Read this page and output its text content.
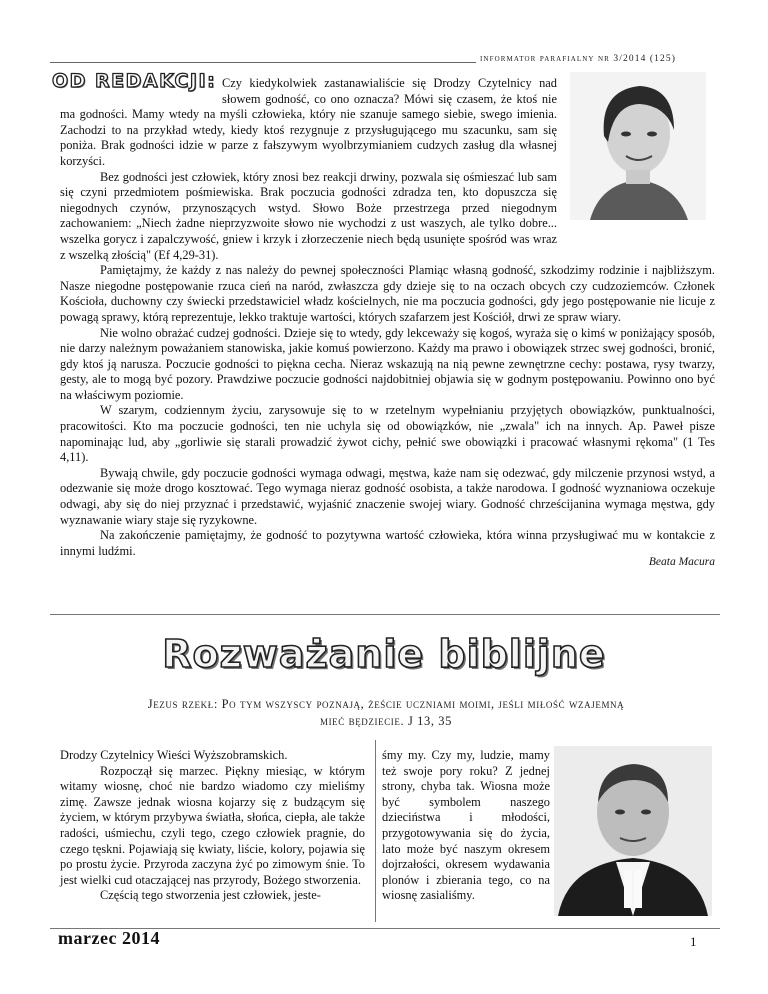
informator parafialny nr 3/2014 (125)
OD REDAKCJI: Czy kiedykolwiek zastanawialiście się Drodzy Czytelnicy nad słowem godność, co ono oznacza? Mówi się czasem, że ktoś nie ma godności. Mamy wtedy na myśli człowieka, który nie szanuje samego siebie, swego imienia. Zachodzi to na przykład wtedy, kiedy ktoś rezygnuje z przysługującego mu szacunku, sam się poniża. Brak godności idzie w parze z fałszywym wyolbrzymianiem cudzych zasług dla własnej korzyści.

Bez godności jest człowiek, który znosi bez reakcji drwiny, pozwala się ośmieszać lub sam się czyni przedmiotem pośmiewiska. Brak poczucia godności zdradza ten, kto dopuszcza się niegodnych czynów, przynoszących wstyd. Słowo Boże przestrzega przed niegodnym zachowaniem: „Niech żadne nieprzyzwoite słowo nie wychodzi z ust waszych, ale tylko dobre... wszelka gorycz i zapalczywość, gniew i krzyk i złorzeczenie niech będą usunięte spośród was wraz z wszelką złością" (Ef 4,29-31).

Pamiętajmy, że każdy z nas należy do pewnej społeczności Plamiąc własną godność, szkodzimy rodzinie i najbliższym. Nasze niegodne postępowanie rzuca cień na naród, zwłaszcza gdy dzieje się to na oczach obcych czy cudzoziemców. Członek Kościoła, duchowny czy świecki przedstawiciel władz kościelnych, nie ma poczucia godności, gdy jego postępowanie nie licuje z powagą sprawy, którą reprezentuje, lekko traktuje wartości, których szafarzem jest Kościół, drwi ze spraw wiary.

Nie wolno obrażać cudzej godności. Dzieje się to wtedy, gdy lekceważy się kogoś, wyraża się o kimś w poniżający sposób, nie darzy należnym poważaniem stanowiska, jakie komuś powierzono. Każdy ma prawo i obowiązek strzec swej godności, bronić, gdy ktoś ją narusza. Poczucie godności to piękna cecha. Nieraz wskazują na nią pewne zewnętrzne cechy: postawa, rysy twarzy, gesty, ale to mogą być pozory. Prawdziwe poczucie godności najdobitniej objawia się w godnym postępowaniu. Powinno ono być na właściwym poziomie.

W szarym, codziennym życiu, zarysowuje się to w rzetelnym wypełnianiu przyjętych obowiązków, punktualności, pracowitości. Kto ma poczucie godności, ten nie uchyla się od obowiązków, nie „zwala" ich na innych. Ap. Paweł pisze napominając lud, aby „gorliwie się starali prowadzić żywot cichy, pełnić swe obowiązki i pracować własnymi rękoma" (1 Tes 4,11).

Bywają chwile, gdy poczucie godności wymaga odwagi, męstwa, każe nam się odezwać, gdy milczenie przynosi wstyd, a odezwanie się może drogo kosztować. Tego wymaga nieraz godność osobista, a także narodowa. I godność wyznaniowa oczekuje odwagi, aby się do niej przyznać i przedstawić, wyjaśnić znaczenie swojej wiary. Godność chrześcijanina wymaga męstwa, gdy wyznawanie wiary staje się ryzykowne.

Na zakończenie pamiętajmy, że godność to pozytywna wartość człowieka, która winna przysługiwać mu w kontakcie z innymi ludźmi.

Beata Macura
Rozważanie biblijne
Jezus rzekł: Po tym wszyscy poznają, żeście uczniami moimi, jeśli miłość wzajemną
mieć będziecie. J 13, 35

Drodzy Czytelnicy Wieści Wyższobramskich.

Rozpoczął się marzec. Piękny miesiąc, w którym witamy wiosnę, choć nie bardzo wiadomo czy mieliśmy zimę. Zawsze jednak wiosna kojarzy się z budzącym się życiem, w którym przybywa światła, słońca, ciepła, ale także radości, uśmiechu, czyli tego, czego człowiek pragnie, do czego tęskni. Pojawiają się kwiaty, liście, kolory, pojawia się po prostu życie. Przyroda zaczyna żyć po zimowym śnie. To jest wielki cud otaczającej nas przyrody, Bożego stworzenia.

Częścią tego stworzenia jest człowiek, jeste-

śmy my. Czy my, ludzie, mamy też swoje pory roku? Z jednej strony, chyba tak. Wiosna może być symbolem naszego dzieciństwa i młodości, przygotowywania się do życia, lato może być naszym okresem dojrzałości, okresem wydawania plonów i zbierania tego, co na wiosnę zasialiśmy.
marzec 2014	1
